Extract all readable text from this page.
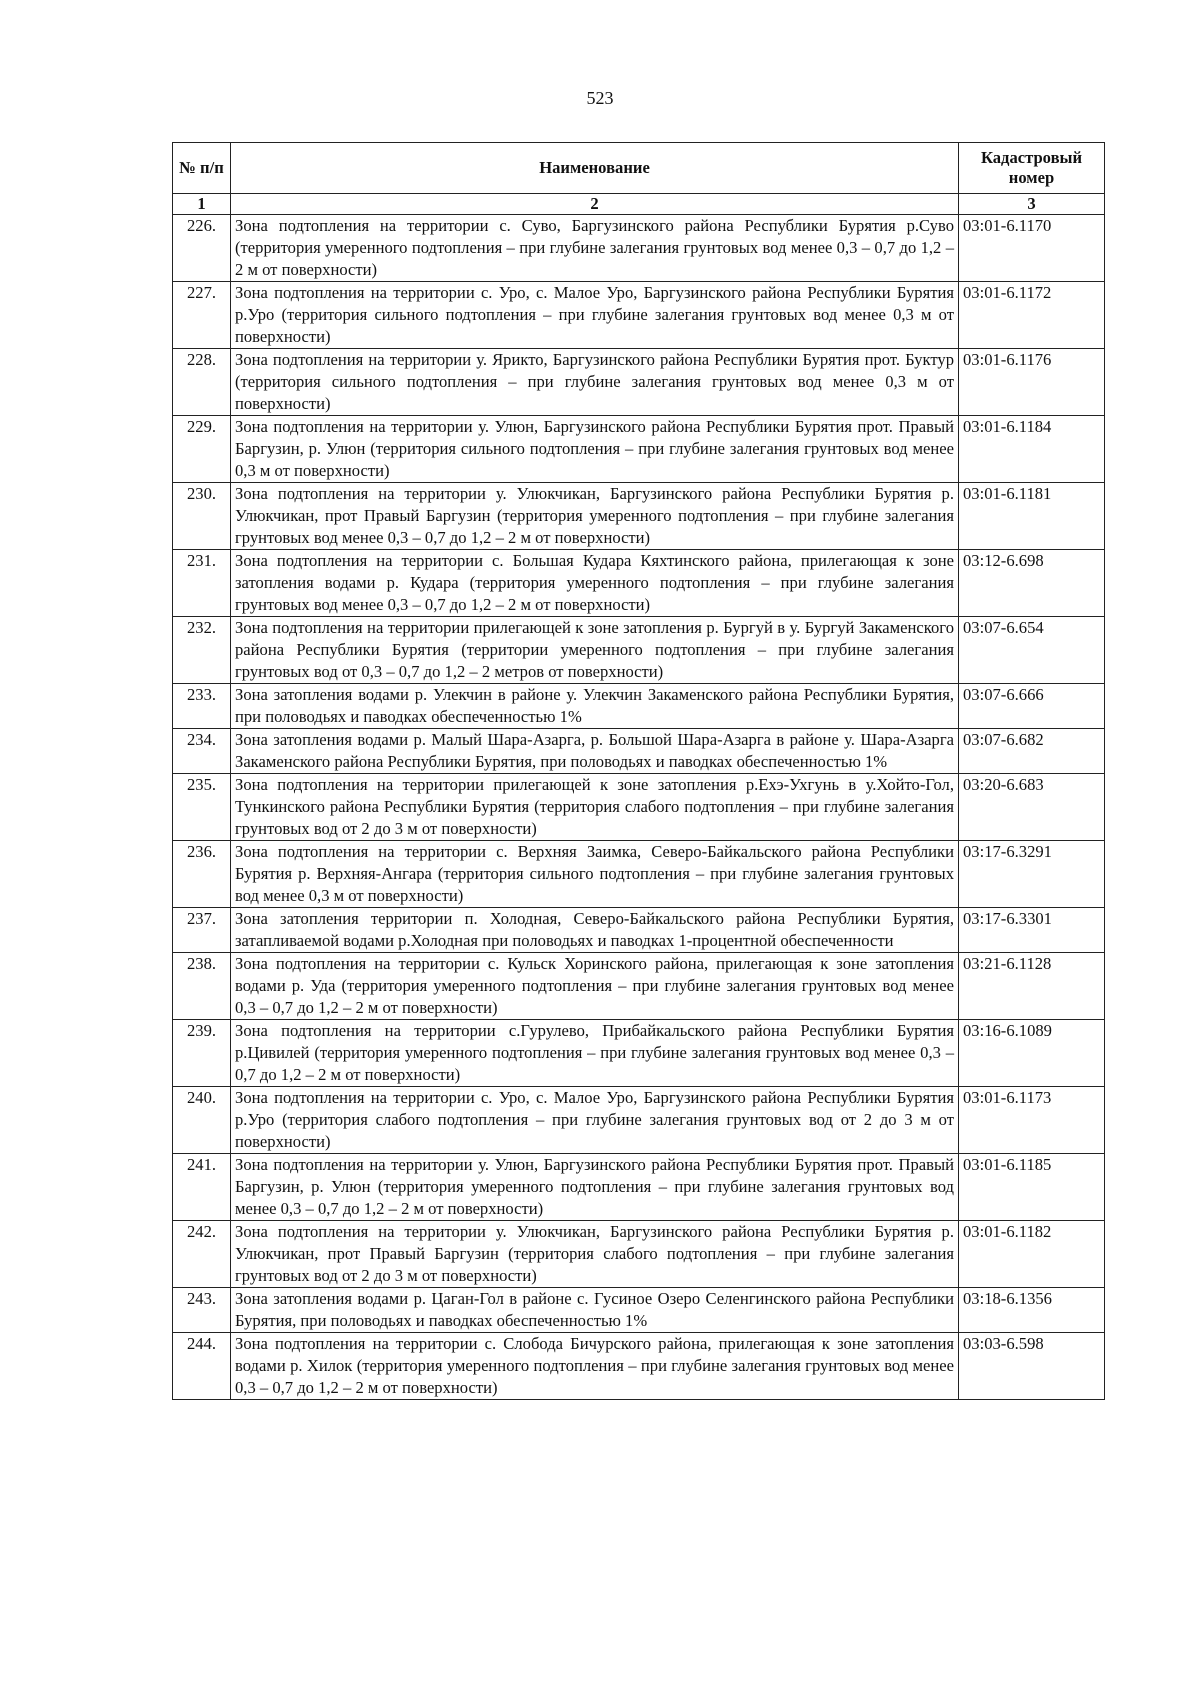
523
№ п/п	Наименование	Кадастровый номер
1	2	3
226.	Зона подтопления на территории с. Суво, Баргузинского района Республики Бурятия р.Суво (территория умеренного подтопления – при глубине залегания грунтовых вод менее 0,3 – 0,7 до 1,2 – 2 м от поверхности)	03:01-6.1170
227.	Зона подтопления на территории с. Уро, с. Малое Уро, Баргузинского района Республики Бурятия р.Уро (территория сильного подтопления – при глубине залегания грунтовых вод менее 0,3 м от поверхности)	03:01-6.1172
228.	Зона подтопления на территории у. Ярикто, Баргузинского района Республики Бурятия прот. Буктур (территория сильного подтопления – при глубине залегания грунтовых вод менее 0,3 м от поверхности)	03:01-6.1176
229.	Зона подтопления на территории у. Улюн, Баргузинского района Республики Бурятия прот. Правый Баргузин, р. Улюн (территория сильного подтопления – при глубине залегания грунтовых вод менее 0,3 м от поверхности)	03:01-6.1184
230.	Зона подтопления на территории у. Улюкчикан, Баргузинского района Республики Бурятия р. Улюкчикан, прот Правый Баргузин (территория умеренного подтопления – при глубине залегания грунтовых вод менее 0,3 – 0,7 до 1,2 – 2 м от поверхности)	03:01-6.1181
231.	Зона подтопления на территории с. Большая Кудара Кяхтинского района, прилегающая к зоне затопления водами р. Кудара (территория умеренного подтопления – при глубине залегания грунтовых вод менее 0,3 – 0,7 до 1,2 – 2 м от поверхности)	03:12-6.698
232.	Зона подтопления на территории прилегающей к зоне затопления р. Бургуй в у. Бургуй Закаменского района Республики Бурятия (территории умеренного подтопления – при глубине залегания грунтовых вод от 0,3 – 0,7 до 1,2 – 2 метров от поверхности)	03:07-6.654
233.	Зона затопления водами р. Улекчин в районе у. Улекчин Закаменского района Республики Бурятия, при половодьях и паводках обеспеченностью 1%	03:07-6.666
234.	Зона затопления водами р. Малый Шара-Азарга, р. Большой Шара-Азарга в районе у. Шара-Азарга Закаменского района Республики Бурятия, при половодьях и паводках обеспеченностью 1%	03:07-6.682
235.	Зона подтопления на территории прилегающей к зоне затопления р.Ехэ-Ухгунь в у.Хойто-Гол, Тункинского района Республики Бурятия (территория слабого подтопления – при глубине залегания грунтовых вод от 2 до 3 м от поверхности)	03:20-6.683
236.	Зона подтопления на территории с. Верхняя Заимка, Северо-Байкальского района Республики Бурятия р. Верхняя-Ангара (территория сильного подтопления – при глубине залегания грунтовых вод менее 0,3 м от поверхности)	03:17-6.3291
237.	Зона затопления территории п. Холодная, Северо-Байкальского района Республики Бурятия, затапливаемой водами р.Холодная при половодьях и паводках 1-процентной обеспеченности	03:17-6.3301
238.	Зона подтопления на территории с. Кульск Хоринского района, прилегающая к зоне затопления водами р. Уда (территория умеренного подтопления – при глубине залегания грунтовых вод менее 0,3 – 0,7 до 1,2 – 2 м от поверхности)	03:21-6.1128
239.	Зона подтопления на территории с.Гурулево, Прибайкальского района Республики Бурятия р.Цивилей (территория умеренного подтопления – при глубине залегания грунтовых вод менее 0,3 – 0,7 до 1,2 – 2 м от поверхности)	03:16-6.1089
240.	Зона подтопления на территории с. Уро, с. Малое Уро, Баргузинского района Республики Бурятия р.Уро (территория слабого подтопления – при глубине залегания грунтовых вод от 2 до 3 м от поверхности)	03:01-6.1173
241.	Зона подтопления на территории у. Улюн, Баргузинского района Республики Бурятия прот. Правый Баргузин, р. Улюн (территория умеренного подтопления – при глубине залегания грунтовых вод менее 0,3 – 0,7 до 1,2 – 2 м от поверхности)	03:01-6.1185
242.	Зона подтопления на территории у. Улюкчикан, Баргузинского района Республики Бурятия р. Улюкчикан, прот Правый Баргузин (территория слабого подтопления – при глубине залегания грунтовых вод от 2 до 3 м от поверхности)	03:01-6.1182
243.	Зона затопления водами р. Цаган-Гол в районе с. Гусиное Озеро Селенгинского района Республики Бурятия, при половодьях и паводках обеспеченностью 1%	03:18-6.1356
244.	Зона подтопления на территории с. Слобода Бичурского района, прилегающая к зоне затопления водами р. Хилок (территория умеренного подтопления – при глубине залегания грунтовых вод менее 0,3 – 0,7 до 1,2 – 2 м от поверхности)	03:03-6.598
